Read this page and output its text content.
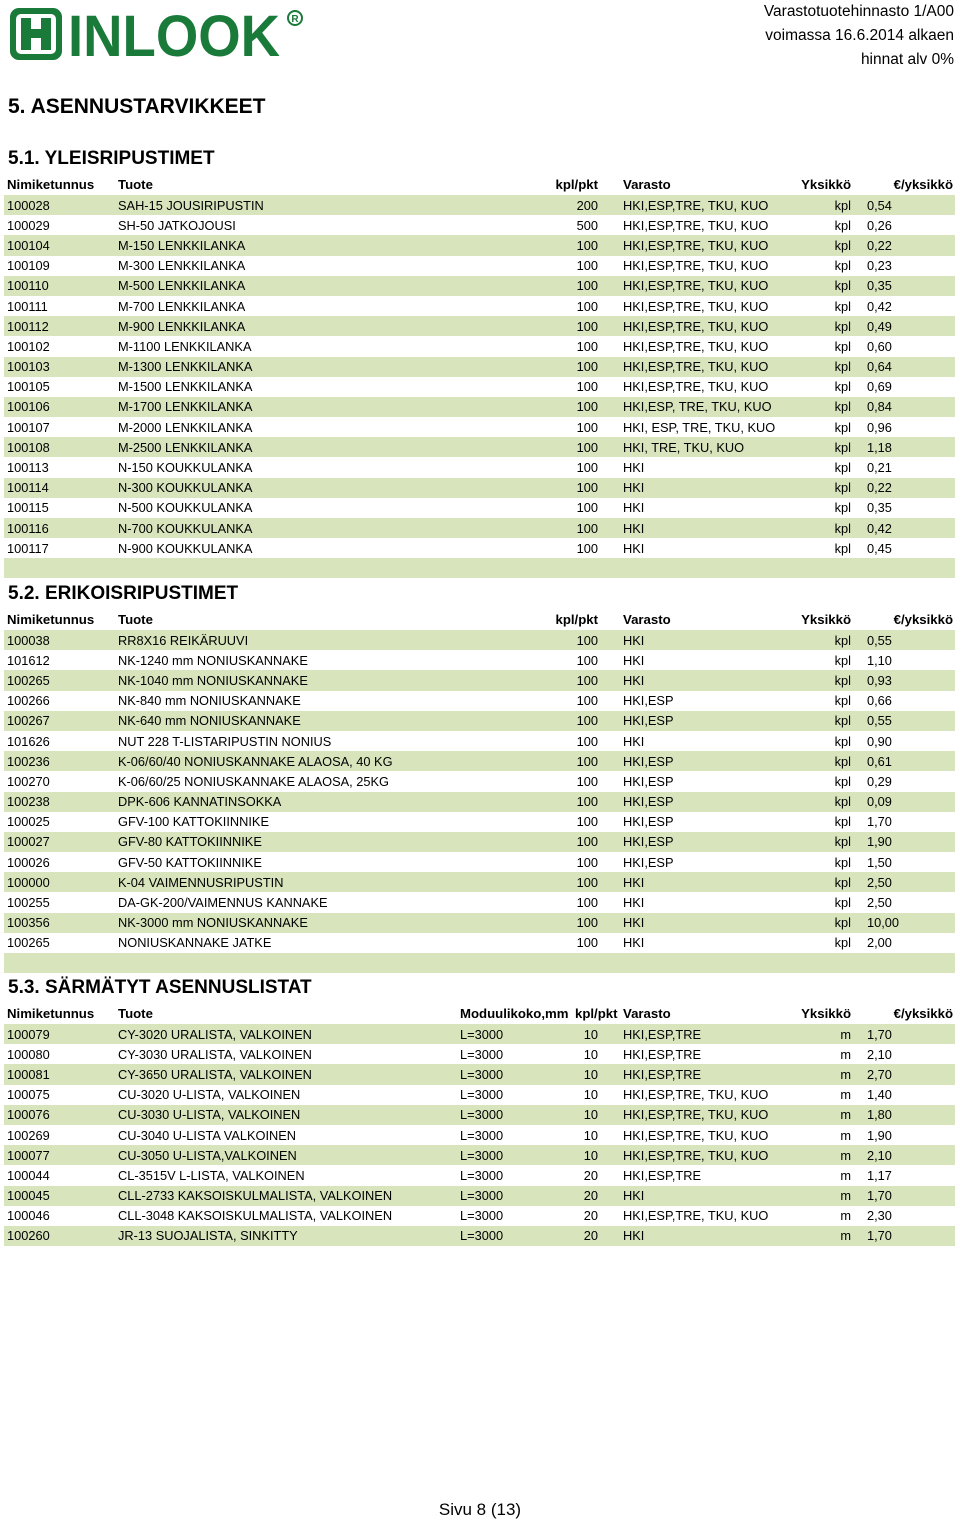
INLOOK R	Varastotuotehinnasto 1/A00
voimassa 16.6.2014 alkaen
hinnat alv 0%
5. ASENNUSTARVIKKEET
5.1. YLEISRIPUSTIMET
Nimiketunnus	Tuote	kpl/pkt	Varasto	Yksikkö	€/yksikkö
100028	SAH-15 JOUSIRIPUSTIN	200	HKI,ESP,TRE, TKU, KUO	kpl	0,54
100029	SH-50 JATKOJOUSI	500	HKI,ESP,TRE, TKU, KUO	kpl	0,26
100104	M-150 LENKKILANKA	100	HKI,ESP,TRE, TKU, KUO	kpl	0,22
100109	M-300 LENKKILANKA	100	HKI,ESP,TRE, TKU, KUO	kpl	0,23
100110	M-500 LENKKILANKA	100	HKI,ESP,TRE, TKU, KUO	kpl	0,35
100111	M-700 LENKKILANKA	100	HKI,ESP,TRE, TKU, KUO	kpl	0,42
100112	M-900 LENKKILANKA	100	HKI,ESP,TRE, TKU, KUO	kpl	0,49
100102	M-1100 LENKKILANKA	100	HKI,ESP,TRE, TKU, KUO	kpl	0,60
100103	M-1300 LENKKILANKA	100	HKI,ESP,TRE, TKU, KUO	kpl	0,64
100105	M-1500 LENKKILANKA	100	HKI,ESP,TRE, TKU, KUO	kpl	0,69
100106	M-1700 LENKKILANKA	100	HKI,ESP, TRE, TKU, KUO	kpl	0,84
100107	M-2000 LENKKILANKA	100	HKI, ESP, TRE, TKU, KUO	kpl	0,96
100108	M-2500 LENKKILANKA	100	HKI, TRE, TKU, KUO	kpl	1,18
100113	N-150 KOUKKULANKA	100	HKI	kpl	0,21
100114	N-300 KOUKKULANKA	100	HKI	kpl	0,22
100115	N-500 KOUKKULANKA	100	HKI	kpl	0,35
100116	N-700 KOUKKULANKA	100	HKI	kpl	0,42
100117	N-900 KOUKKULANKA	100	HKI	kpl	0,45

5.2. ERIKOISRIPUSTIMET
Nimiketunnus	Tuote	kpl/pkt	Varasto	Yksikkö	€/yksikkö
100038	RR8X16 REIKÄRUUVI	100	HKI	kpl	0,55
101612	NK-1240 mm NONIUSKANNAKE	100	HKI	kpl	1,10
100265	NK-1040 mm NONIUSKANNAKE	100	HKI	kpl	0,93
100266	NK-840 mm NONIUSKANNAKE	100	HKI,ESP	kpl	0,66
100267	NK-640 mm NONIUSKANNAKE	100	HKI,ESP	kpl	0,55
101626	NUT 228 T-LISTARIPUSTIN NONIUS	100	HKI	kpl	0,90
100236	K-06/60/40 NONIUSKANNAKE ALAOSA, 40 KG	100	HKI,ESP	kpl	0,61
100270	K-06/60/25 NONIUSKANNAKE ALAOSA, 25KG	100	HKI,ESP	kpl	0,29
100238	DPK-606 KANNATINSOKKA	100	HKI,ESP	kpl	0,09
100025	GFV-100 KATTOKIINNIKE	100	HKI,ESP	kpl	1,70
100027	GFV-80 KATTOKIINNIKE	100	HKI,ESP	kpl	1,90
100026	GFV-50 KATTOKIINNIKE	100	HKI,ESP	kpl	1,50
100000	K-04 VAIMENNUSRIPUSTIN	100	HKI	kpl	2,50
100255	DA-GK-200/VAIMENNUS KANNAKE	100	HKI	kpl	2,50
100356	NK-3000 mm NONIUSKANNAKE	100	HKI	kpl	10,00
100265	NONIUSKANNAKE JATKE	100	HKI	kpl	2,00

5.3. SÄRMÄTYT ASENNUSLISTAT
Nimiketunnus	Tuote	Moduulikoko,mm	kpl/pkt	Varasto	Yksikkö	€/yksikkö
100079	CY-3020 URALISTA, VALKOINEN	L=3000	10	HKI,ESP,TRE	m	1,70
100080	CY-3030 URALISTA, VALKOINEN	L=3000	10	HKI,ESP,TRE	m	2,10
100081	CY-3650 URALISTA, VALKOINEN	L=3000	10	HKI,ESP,TRE	m	2,70
100075	CU-3020 U-LISTA, VALKOINEN	L=3000	10	HKI,ESP,TRE, TKU, KUO	m	1,40
100076	CU-3030 U-LISTA, VALKOINEN	L=3000	10	HKI,ESP,TRE, TKU, KUO	m	1,80
100269	CU-3040 U-LISTA VALKOINEN	L=3000	10	HKI,ESP,TRE, TKU, KUO	m	1,90
100077	CU-3050 U-LISTA,VALKOINEN	L=3000	10	HKI,ESP,TRE, TKU, KUO	m	2,10
100044	CL-3515V L-LISTA, VALKOINEN	L=3000	20	HKI,ESP,TRE	m	1,17
100045	CLL-2733 KAKSOISKULMALISTA, VALKOINEN	L=3000	20	HKI	m	1,70
100046	CLL-3048 KAKSOISKULMALISTA, VALKOINEN	L=3000	20	HKI,ESP,TRE, TKU, KUO	m	2,30
100260	JR-13 SUOJALISTA, SINKITTY	L=3000	20	HKI	m	1,70
Sivu 8 (13)
